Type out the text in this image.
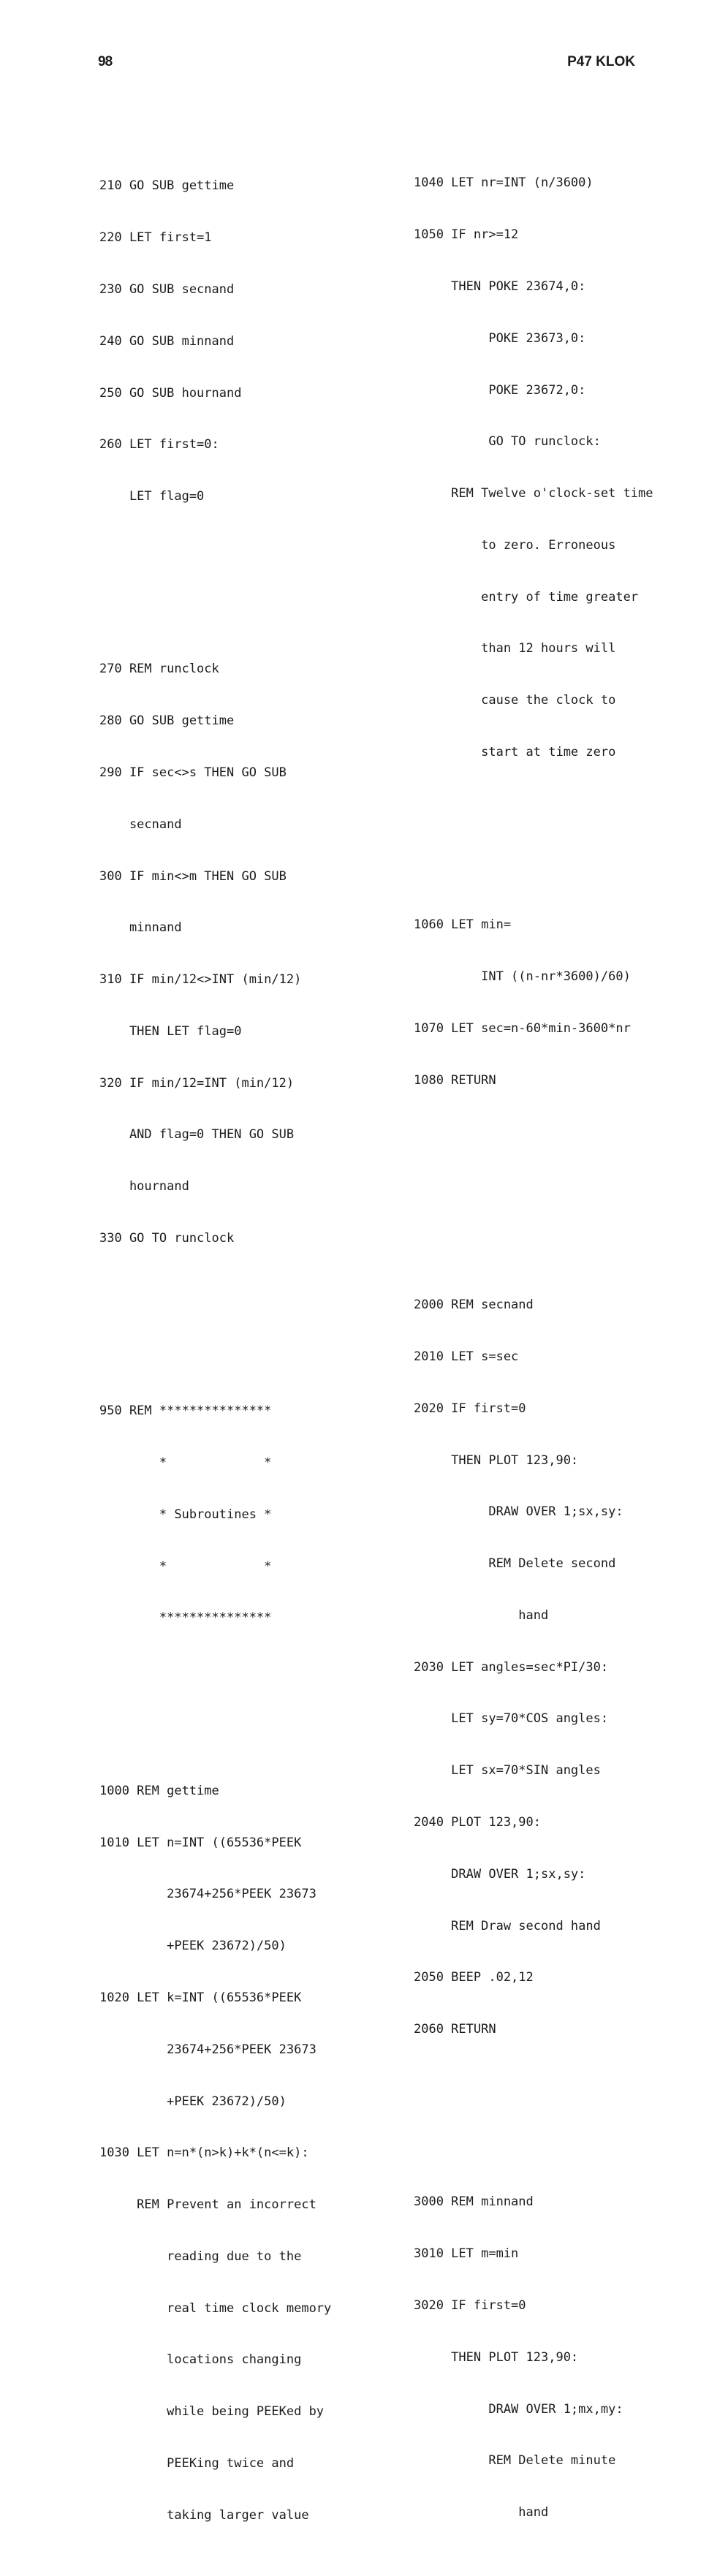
98	P47 KLOK

210 GO SUB gettime

220 LET first=1

230 GO SUB secnand

240 GO SUB minnand

250 GO SUB hournand

260 LET first=0:

LET flag=0

270 REM runclock

280 GO SUB gettime

290 IF sec<>s THEN GO SUB

secnand

300 IF min<>m THEN GO SUB

minnand

310 IF min/12<>INT (min/12)

THEN LET flag=0

320 IF min/12=INT (min/12)

AND flag=0 THEN GO SUB

hournand

330 GO TO runclock

950 REM ***************

*             *

* Subroutines *

*             *

***************

1000 REM gettime

1010 LET n=INT ((65536*PEEK

23674+256*PEEK 23673

+PEEK 23672)/50)

1020 LET k=INT ((65536*PEEK

23674+256*PEEK 23673

+PEEK 23672)/50)

1030 LET n=n*(n>k)+k*(n<=k):

REM Prevent an incorrect

reading due to the

real time clock memory

locations changing

while being PEEKed by

PEEKing twice and

taking larger value

1040 LET nr=INT (n/3600)

1050 IF nr>=12

THEN POKE 23674,0:

POKE 23673,0:

POKE 23672,0:

GO TO runclock:

REM Twelve o'clock-set time

to zero. Erroneous

entry of time greater

than 12 hours will

cause the clock to

start at time zero

1060 LET min=

INT ((n-nr*3600)/60)

1070 LET sec=n-60*min-3600*nr

1080 RETURN

2000 REM secnand

2010 LET s=sec

2020 IF first=0

THEN PLOT 123,90:

DRAW OVER 1;sx,sy:

REM Delete second

hand

2030 LET angles=sec*PI/30:

LET sy=70*COS angles:

LET sx=70*SIN angles

2040 PLOT 123,90:

DRAW OVER 1;sx,sy:

REM Draw second hand

2050 BEEP .02,12

2060 RETURN

3000 REM minnand

3010 LET m=min

3020 IF first=0

THEN PLOT 123,90:

DRAW OVER 1;mx,my:

REM Delete minute

hand
